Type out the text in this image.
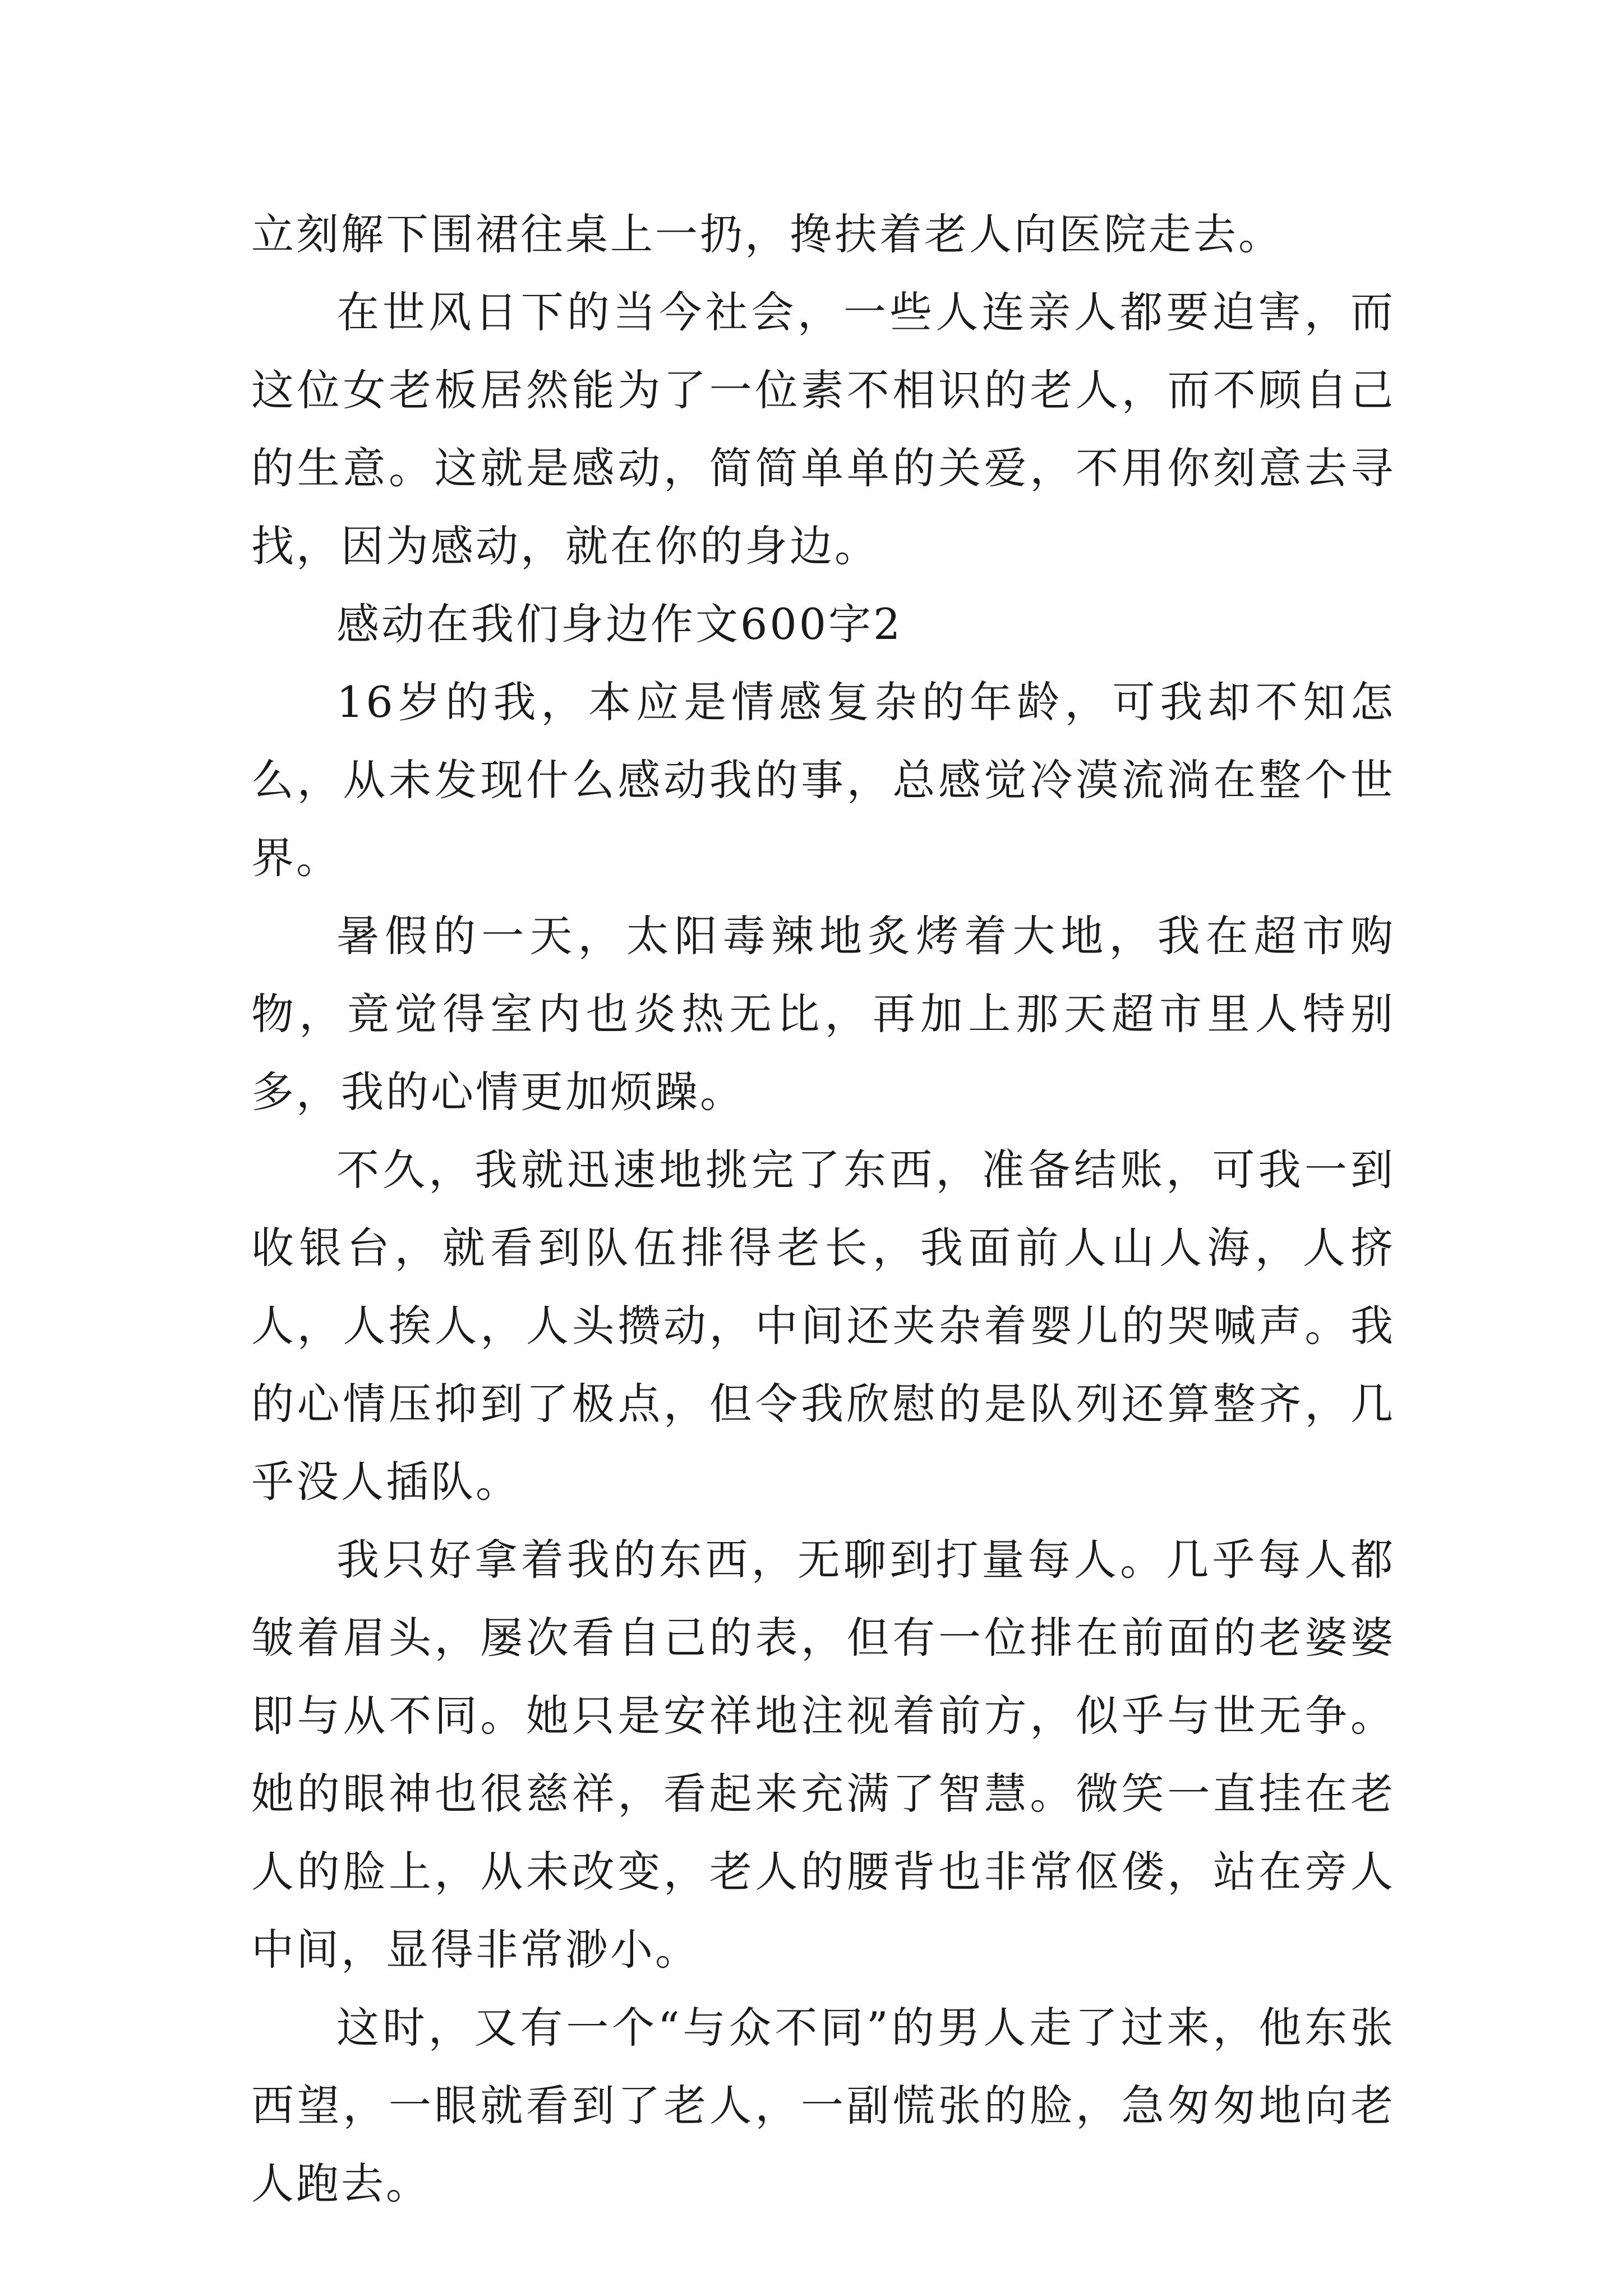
立刻解下围裙往桌上一扔，搀扶着老人向医院走去。

在世风日下的当今社会，一些人连亲人都要迫害，而这位女老板居然能为了一位素不相识的老人，而不顾自己的生意。这就是感动，简简单单的关爱，不用你刻意去寻找，因为感动，就在你的身边。

感动在我们身边作文600字2

16岁的我，本应是情感复杂的年龄，可我却不知怎么，从未发现什么感动我的事，总感觉冷漠流淌在整个世界。

暑假的一天，太阳毒辣地炙烤着大地，我在超市购物，竟觉得室内也炎热无比，再加上那天超市里人特别多，我的心情更加烦躁。

不久，我就迅速地挑完了东西，准备结账，可我一到收银台，就看到队伍排得老长，我面前人山人海，人挤人，人挨人，人头攒动，中间还夹杂着婴儿的哭喊声。我的心情压抑到了极点，但令我欣慰的是队列还算整齐，几乎没人插队。

我只好拿着我的东西，无聊到打量每人。几乎每人都皱着眉头，屡次看自己的表，但有一位排在前面的老婆婆即与从不同。她只是安祥地注视着前方，似乎与世无争。她的眼神也很慈祥，看起来充满了智慧。微笑一直挂在老人的脸上，从未改变，老人的腰背也非常伛偻，站在旁人中间，显得非常渺小。

这时，又有一个“与众不同”的男人走了过来，他东张西望，一眼就看到了老人，一副慌张的脸，急匆匆地向老人跑去。
